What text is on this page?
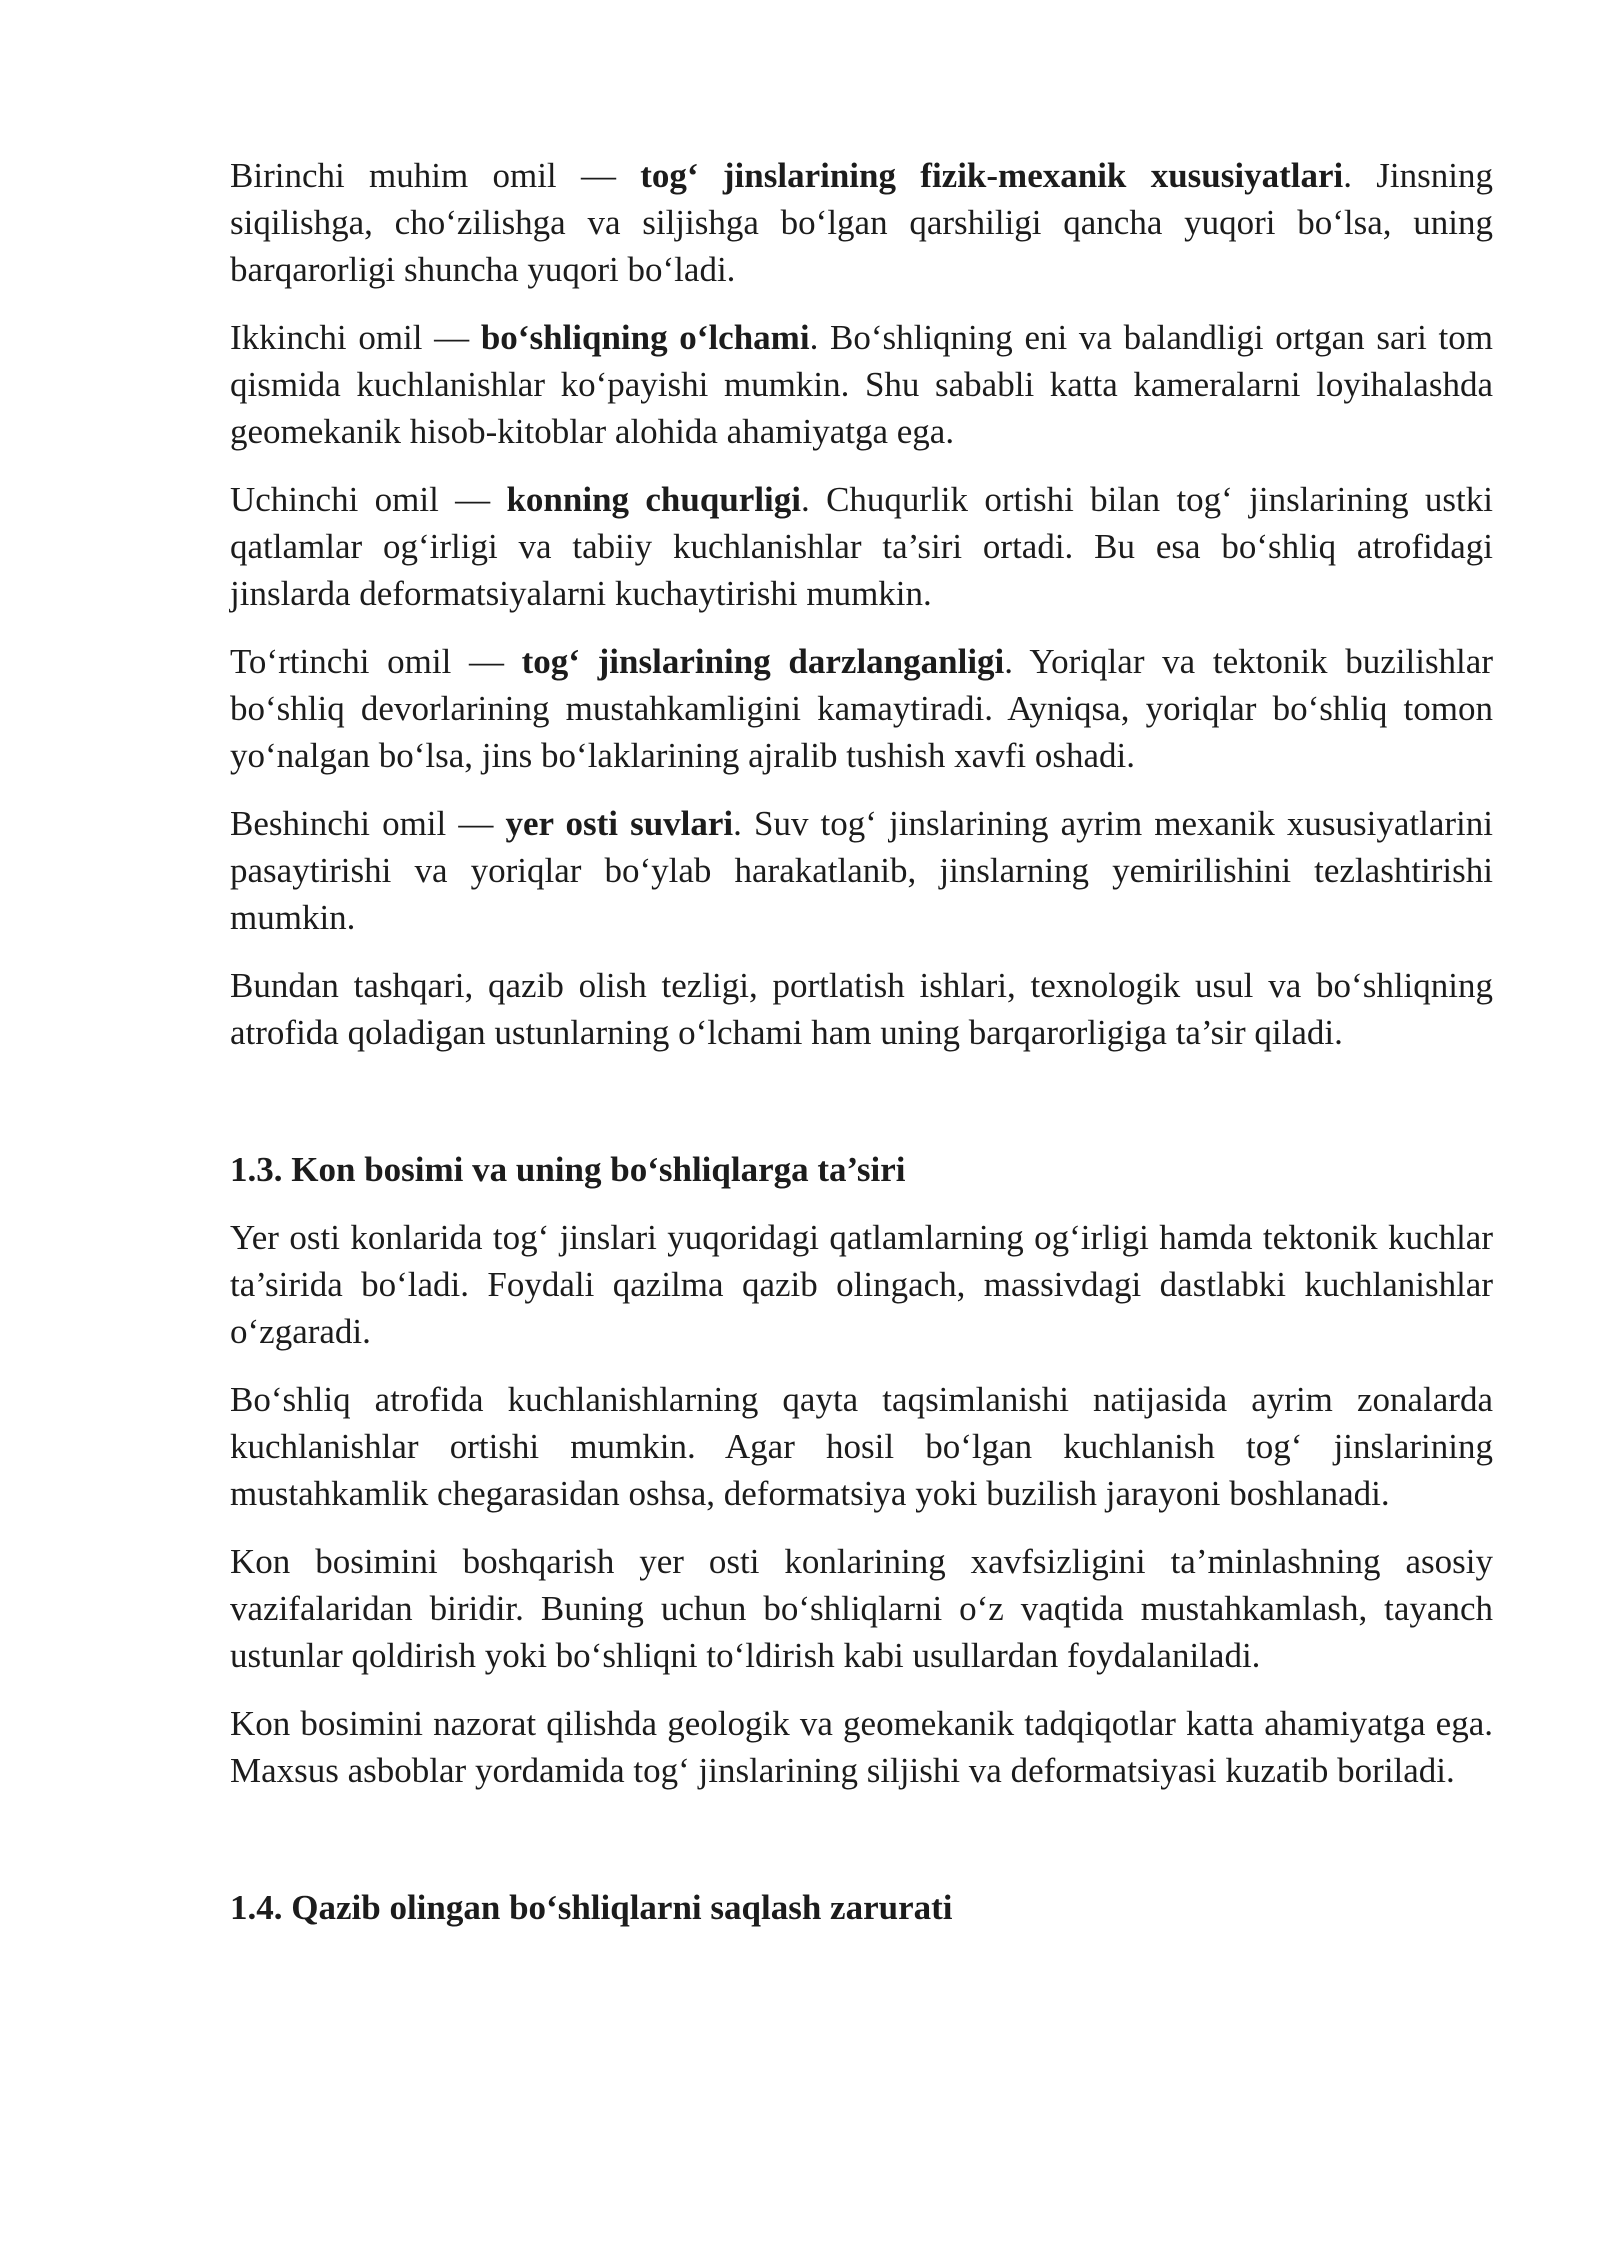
Birinchi muhim omil — tog‘ jinslarining fizik-mexanik xususiyatlari. Jinsning siqilishga, cho‘zilishga va siljishga bo‘lgan qarshiligi qancha yuqori bo‘lsa, uning barqarorligi shuncha yuqori bo‘ladi.

Ikkinchi omil — bo‘shliqning o‘lchami. Bo‘shliqning eni va balandligi ortgan sari tom qismida kuchlanishlar ko‘payishi mumkin. Shu sababli katta kameralarni loyihalashda geomekanik hisob-kitoblar alohida ahamiyatga ega.

Uchinchi omil — konning chuqurligi. Chuqurlik ortishi bilan tog‘ jinslarining ustki qatlamlar og‘irligi va tabiiy kuchlanishlar ta’siri ortadi. Bu esa bo‘shliq atrofidagi jinslarda deformatsiyalarni kuchaytirishi mumkin.

To‘rtinchi omil — tog‘ jinslarining darzlanganligi. Yoriqlar va tektonik buzilishlar bo‘shliq devorlarining mustahkamligini kamaytiradi. Ayniqsa, yoriqlar bo‘shliq tomon yo‘nalgan bo‘lsa, jins bo‘laklarining ajralib tushish xavfi oshadi.

Beshinchi omil — yer osti suvlari. Suv tog‘ jinslarining ayrim mexanik xususiyatlarini pasaytirishi va yoriqlar bo‘ylab harakatlanib, jinslarning yemirilishini tezlashtirishi mumkin.

Bundan tashqari, qazib olish tezligi, portlatish ishlari, texnologik usul va bo‘shliqning atrofida qoladigan ustunlarning o‘lchami ham uning barqarorligiga ta’sir qiladi.

1.3. Kon bosimi va uning bo‘shliqlarga ta’siri

Yer osti konlarida tog‘ jinslari yuqoridagi qatlamlarning og‘irligi hamda tektonik kuchlar ta’sirida bo‘ladi. Foydali qazilma qazib olingach, massivdagi dastlabki kuchlanishlar o‘zgaradi.

Bo‘shliq atrofida kuchlanishlarning qayta taqsimlanishi natijasida ayrim zonalarda kuchlanishlar ortishi mumkin. Agar hosil bo‘lgan kuchlanish tog‘ jinslarining mustahkamlik chegarasidan oshsa, deformatsiya yoki buzilish jarayoni boshlanadi.

Kon bosimini boshqarish yer osti konlarining xavfsizligini ta’minlashning asosiy vazifalaridan biridir. Buning uchun bo‘shliqlarni o‘z vaqtida mustahkamlash, tayanch ustunlar qoldirish yoki bo‘shliqni to‘ldirish kabi usullardan foydalaniladi.

Kon bosimini nazorat qilishda geologik va geomekanik tadqiqotlar katta ahamiyatga ega. Maxsus asboblar yordamida tog‘ jinslarining siljishi va deformatsiyasi kuzatib boriladi.

1.4. Qazib olingan bo‘shliqlarni saqlash zarurati
